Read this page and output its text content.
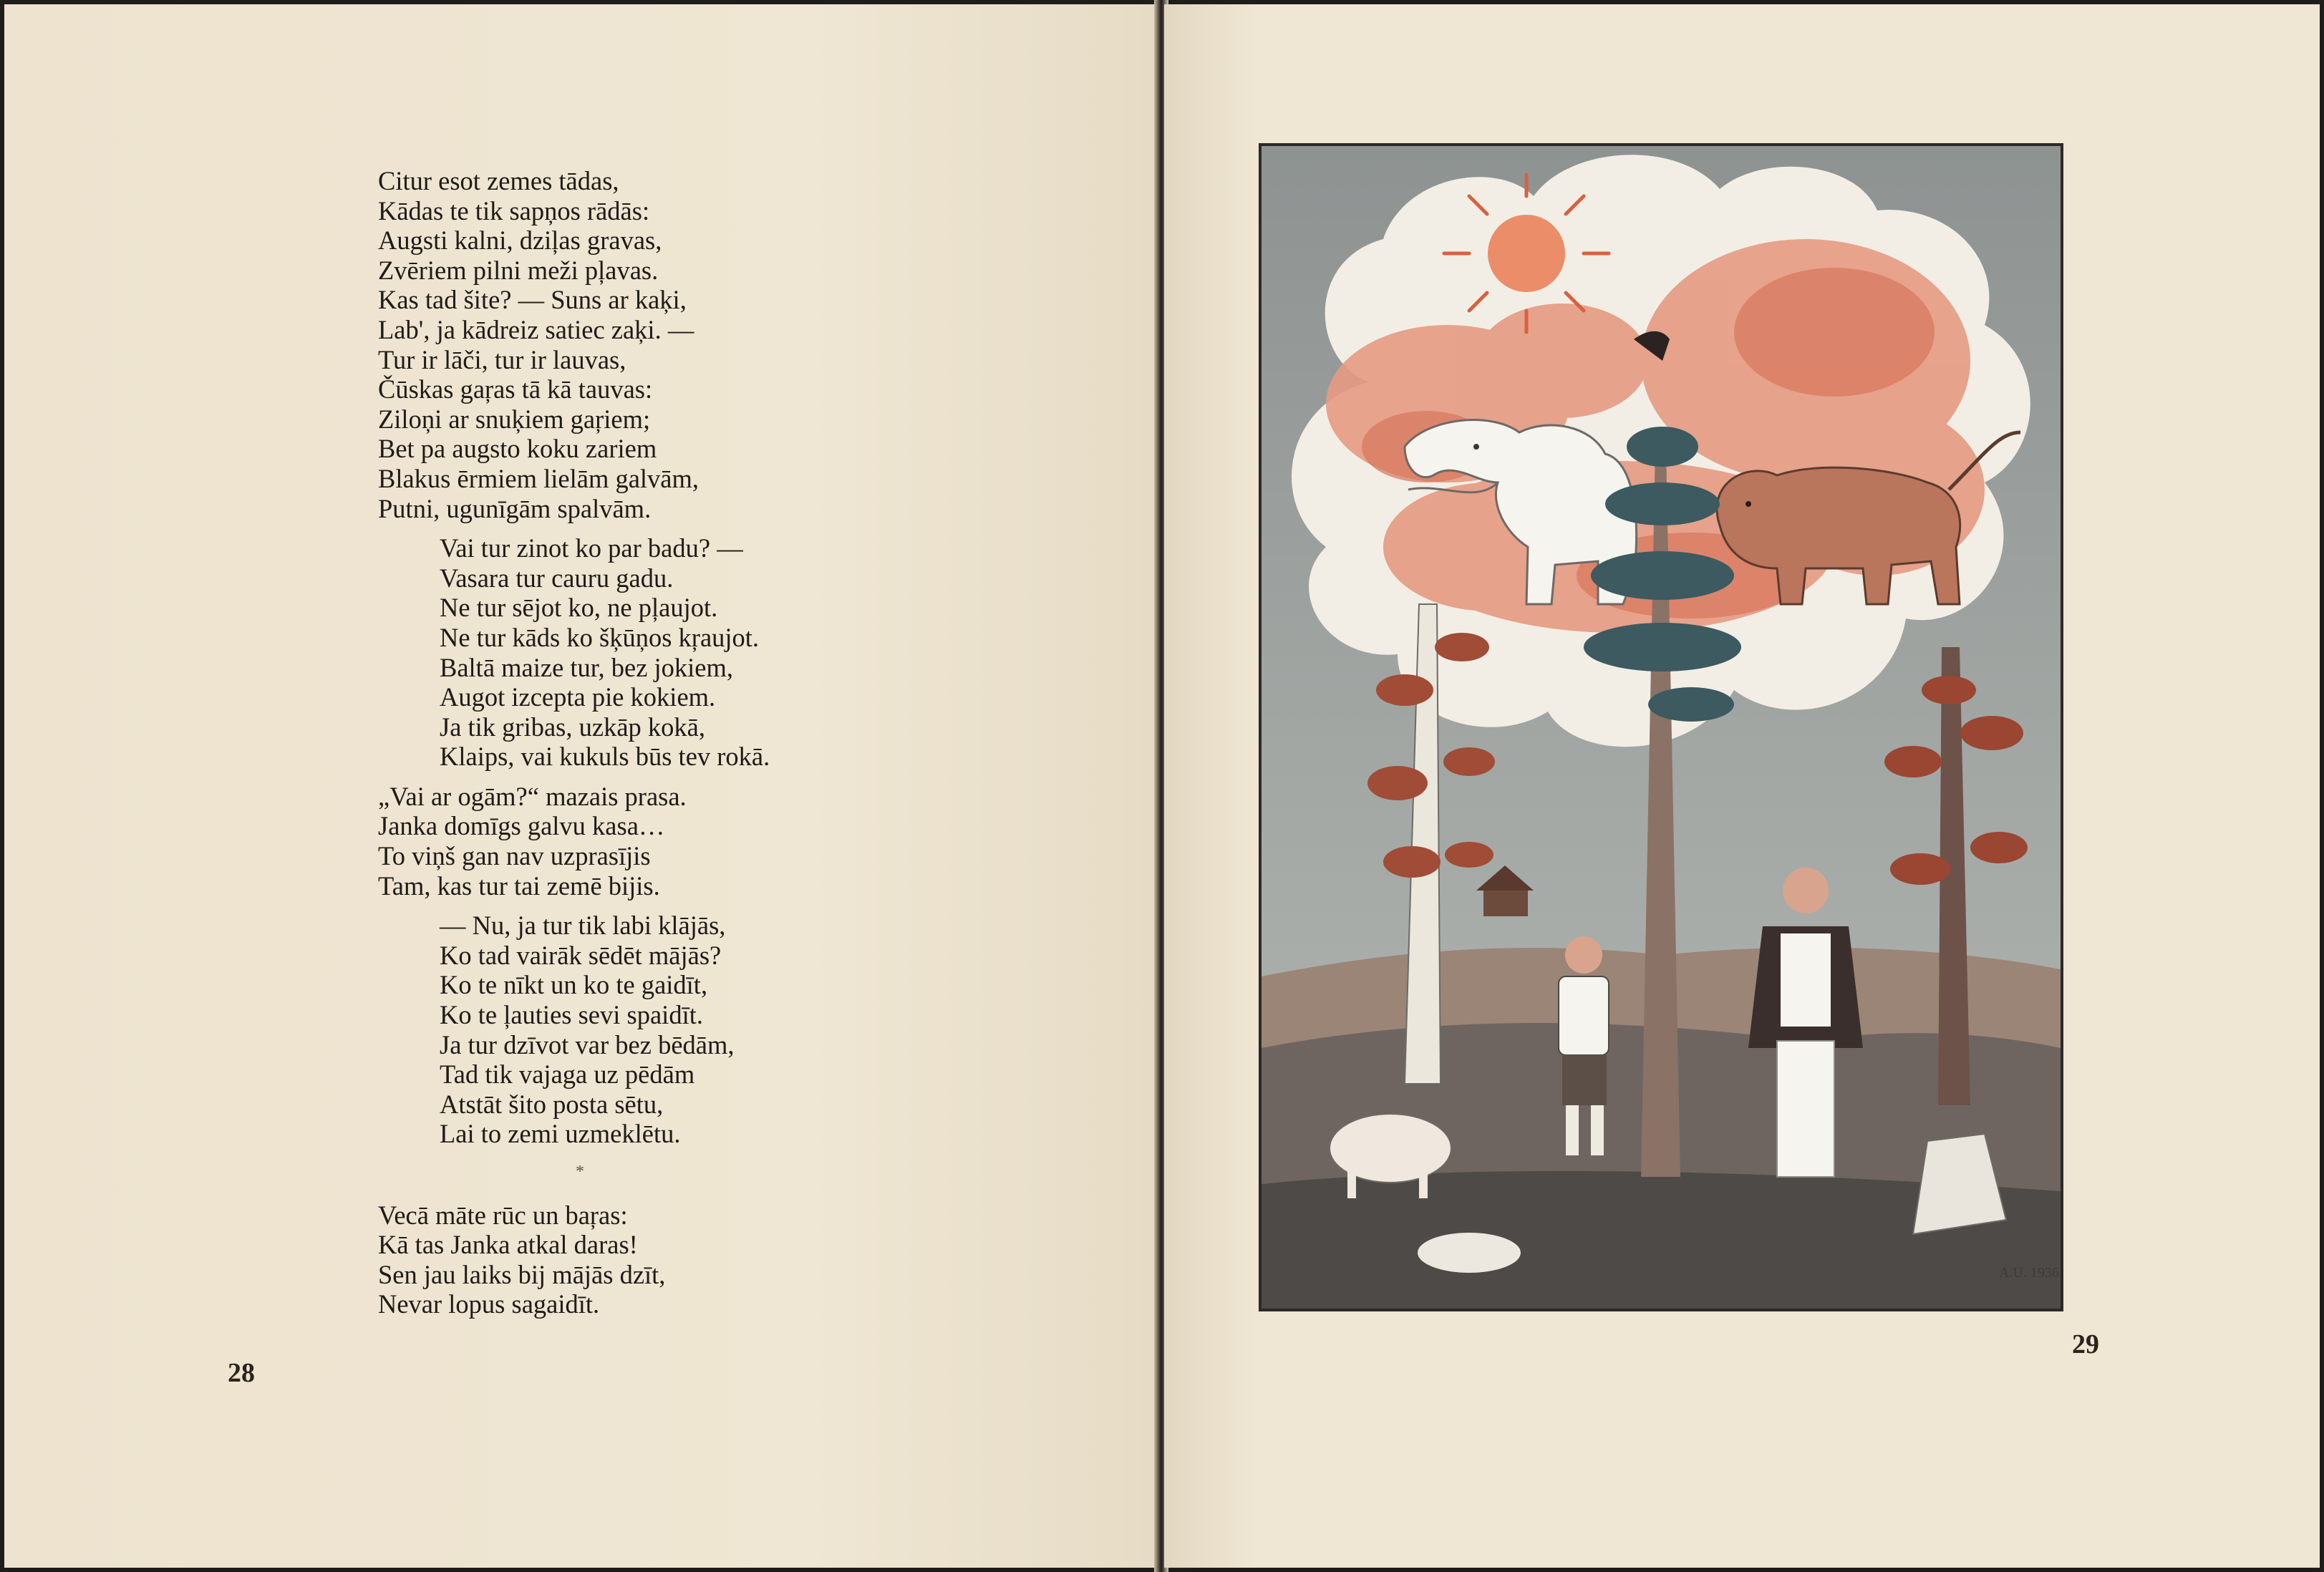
Citur esot zemes tādas,
Kādas te tik sapņos rādās:
Augsti kalni, dziļas gravas,
Zvēriem pilni meži pļavas.
Kas tad šite? — Suns ar kaķi,
Lab', ja kādreiz satiec zaķi. —
Tur ir lāči, tur ir lauvas,
Čūskas gaŗas tā kā tauvas:
Ziloņi ar snuķiem gaŗiem;
Bet pa augsto koku zariem
Blakus ērmiem lielām galvām,
Putni, ugunīgām spalvām.
Vai tur zinot ko par badu? —
Vasara tur cauru gadu.
Ne tur sējot ko, ne pļaujot.
Ne tur kāds ko šķūņos kŗaujot.
Baltā maize tur, bez jokiem,
Augot izcepta pie kokiem.
Ja tik gribas, uzkāp kokā,
Klaips, vai kukuls būs tev rokā.
„Vai ar ogām?“ mazais prasa.
Janka domīgs galvu kasa…
To viņš gan nav uzprasījis
Tam, kas tur tai zemē bijis.
— Nu, ja tur tik labi klājās,
Ko tad vairāk sēdēt mājās?
Ko te nīkt un ko te gaidīt,
Ko te ļauties sevi spaidīt.
Ja tur dzīvot var bez bēdām,
Tad tik vajaga uz pēdām
Atstāt šito posta sētu,
Lai to zemi uzmeklētu.
*
Vecā māte rūc un baŗas:
Kā tas Janka atkal daras!
Sen jau laiks bij mājās dzīt,
Nevar lopus sagaidīt.
28
A.U. 1936
29
